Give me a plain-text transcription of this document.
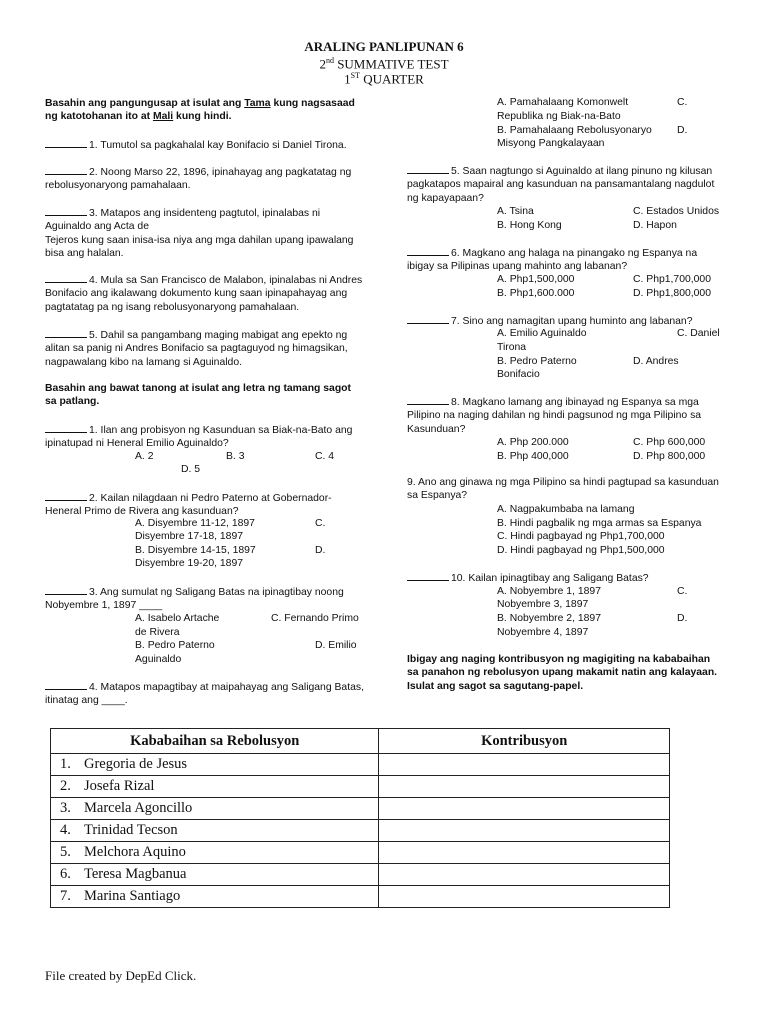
ARALING PANLIPUNAN 6
2nd SUMMATIVE TEST
1ST QUARTER
Basahin ang pangungusap at isulat ang Tama kung nagsasaad ng katotohanan ito at Mali kung hindi.
1. Tumutol sa pagkahalal kay Bonifacio si Daniel Tirona.
2. Noong Marso 22, 1896, ipinahayag ang pagkatatag ng rebolusyonaryong pamahalaan.
3. Matapos ang insidenteng pagtutol, ipinalabas ni Aguinaldo ang Acta de
Tejeros kung saan inisa-isa niya ang mga dahilan upang ipawalang bisa ang halalan.
4. Mula sa San Francisco de Malabon, ipinalabas ni Andres Bonifacio ang ikalawang dokumento kung saan ipinapahayag ang pagtatatag pa ng isang rebolusyonaryong pamahalaan.
5. Dahil sa pangambang maging mabigat ang epekto ng alitan sa panig ni Andres Bonifacio sa pagtaguyod ng himagsikan, nagpawalang kibo na lamang si Aguinaldo.
Basahin ang bawat tanong at isulat ang letra ng tamang sagot sa patlang.
1. Ilan ang probisyon ng Kasunduan sa Biak-na-Bato ang ipinatupad ni Heneral Emilio Aguinaldo?
A. 2	B. 3	C. 4
D. 5
2. Kailan nilagdaan ni Pedro Paterno at Gobernador-Heneral Primo de Rivera ang kasunduan?
A. Disyembre 11-12, 1897	C.
Disyembre 17-18, 1897
B. Disyembre 14-15, 1897	D.
Disyembre 19-20, 1897
3. Ang sumulat ng Saligang Batas na ipinagtibay noong Nobyembre 1, 1897 ____
A. Isabelo Artache	C. Fernando Primo
de Rivera
B. Pedro Paterno	D. Emilio
Aguinaldo
4. Matapos mapagtibay at maipahayag ang Saligang Batas, itinatag ang ____.
A. Pamahalaang Komonwelt	C.
Republika ng Biak-na-Bato
B. Pamahalaang Rebolusyonaryo D.
Misyong Pangkalayaan
5. Saan nagtungo si Aguinaldo at ilang pinuno ng kilusan pagkatapos mapairal ang kasunduan na pansamantalang nagdulot ng kapayapaan?
A. Tsina	C. Estados Unidos
B. Hong Kong	D. Hapon
6. Magkano ang halaga na pinangako ng Espanya na ibigay sa Pilipinas upang mahinto ang labanan?
A. Php1,500,000	C. Php1,700,000
B. Php1,600.000	D. Php1,800,000
7. Sino ang namagitan upang huminto ang labanan?
A. Emilio Aguinaldo	C. Daniel
Tirona
B. Pedro Paterno	D. Andres
Bonifacio
8. Magkano lamang ang ibinayad ng Espanya sa mga Pilipino na naging dahilan ng hindi pagsunod ng mga Pilipino sa Kasunduan?
A. Php 200.000	C. Php 600,000
B. Php 400,000	D. Php 800,000
9. Ano ang ginawa ng mga Pilipino sa hindi pagtupad sa kasunduan sa Espanya?
A. Nagpakumbaba na lamang
B. Hindi pagbalik ng mga armas sa Espanya
C. Hindi pagbayad ng Php1,700,000
D. Hindi pagbayad ng Php1,500,000
10. Kailan ipinagtibay ang Saligang Batas?
A. Nobyembre 1, 1897	C.
Nobyembre 3, 1897
B. Nobyembre 2, 1897	D.
Nobyembre 4, 1897
Ibigay ang naging kontribusyon ng magigiting na kababaihan sa panahon ng rebolusyon upang makamit natin ang kalayaan. Isulat ang sagot sa sagutang-papel.
Kababaihan sa Rebolusyon	Kontribusyon
1. Gregoria de Jesus	
2. Josefa Rizal	
3. Marcela Agoncillo	
4. Trinidad Tecson	
5. Melchora Aquino	
6. Teresa Magbanua	
7. Marina Santiago	
File created by DepEd Click.
